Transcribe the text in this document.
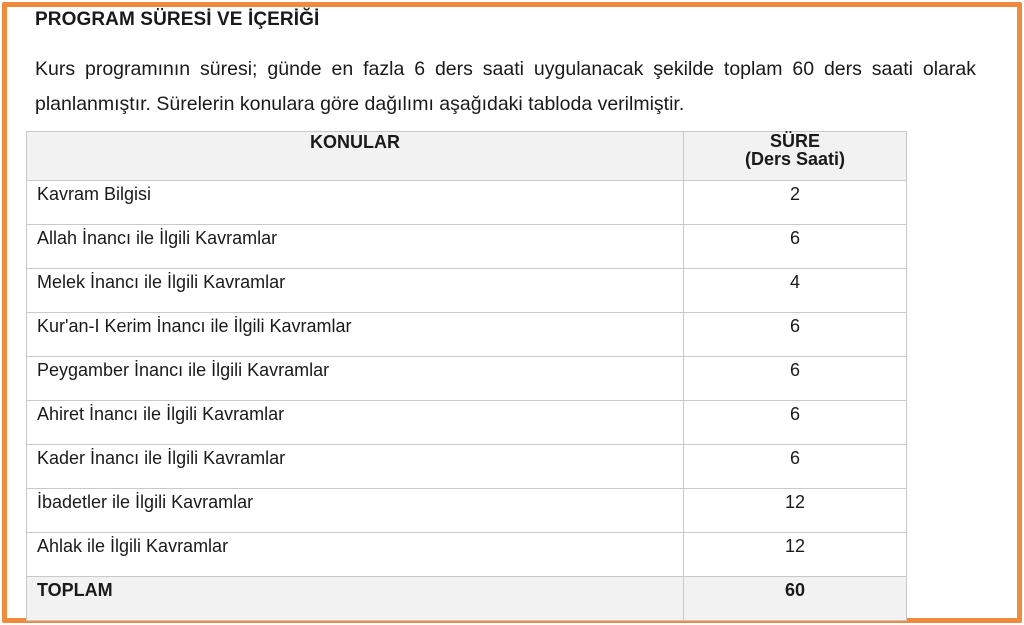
PROGRAM SÜRESİ VE İÇERİĞİ
Kurs programının süresi; günde en fazla 6 ders saati uygulanacak şekilde toplam 60 ders saati olarak planlanmıştır. Sürelerin konulara göre dağılımı aşağıdaki tabloda verilmiştir.
KONULAR	SÜRE
(Ders Saati)

Kavram Bilgisi	2
Allah İnancı ile İlgili Kavramlar	6
Melek İnancı ile İlgili Kavramlar	4
Kur'an-I Kerim İnancı ile İlgili Kavramlar	6
Peygamber İnancı ile İlgili Kavramlar	6
Ahiret İnancı ile İlgili Kavramlar	6
Kader İnancı ile İlgili Kavramlar	6
İbadetler ile İlgili Kavramlar	12
Ahlak ile İlgili Kavramlar	12
TOPLAM	60
